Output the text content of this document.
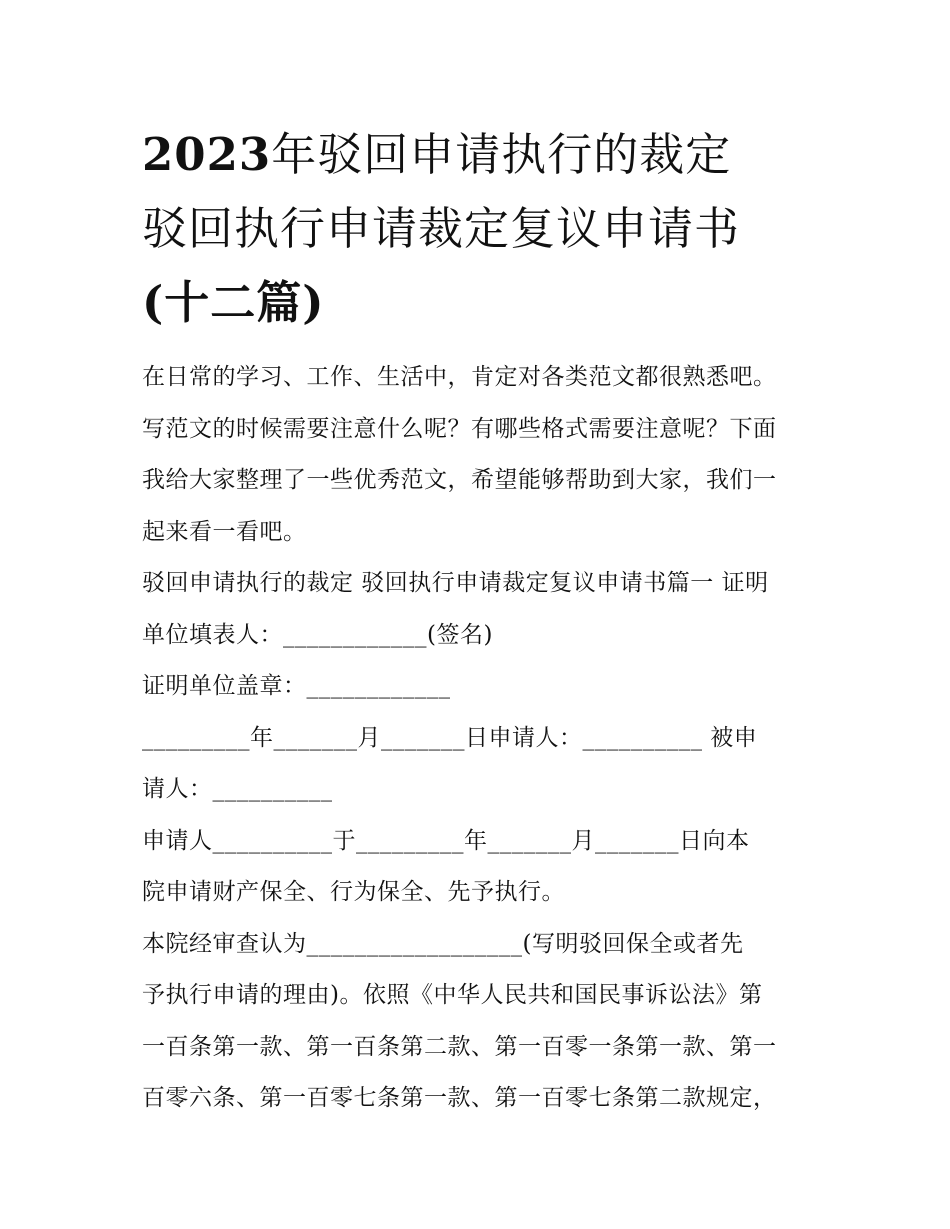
2023年驳回申请执行的裁定
驳回执行申请裁定复议申请书
(十二篇)

在日常的学习、工作、生活中，肯定对各类范文都很熟悉吧。
写范文的时候需要注意什么呢？有哪些格式需要注意呢？下面
我给大家整理了一些优秀范文，希望能够帮助到大家，我们一
起来看一看吧。

驳回申请执行的裁定 驳回执行申请裁定复议申请书篇一 证明
单位填表人：____________(签名)

证明单位盖章：____________

_________年_______月_______日申请人：__________ 被申
请人：__________

申请人__________于_________年_______月_______日向本
院申请财产保全、行为保全、先予执行。

本院经审查认为__________________(写明驳回保全或者先
予执行申请的理由)。依照《中华人民共和国民事诉讼法》第
一百条第一款、第一百条第二款、第一百零一条第一款、第一
百零六条、第一百零七条第一款、第一百零七条第二款规定，
